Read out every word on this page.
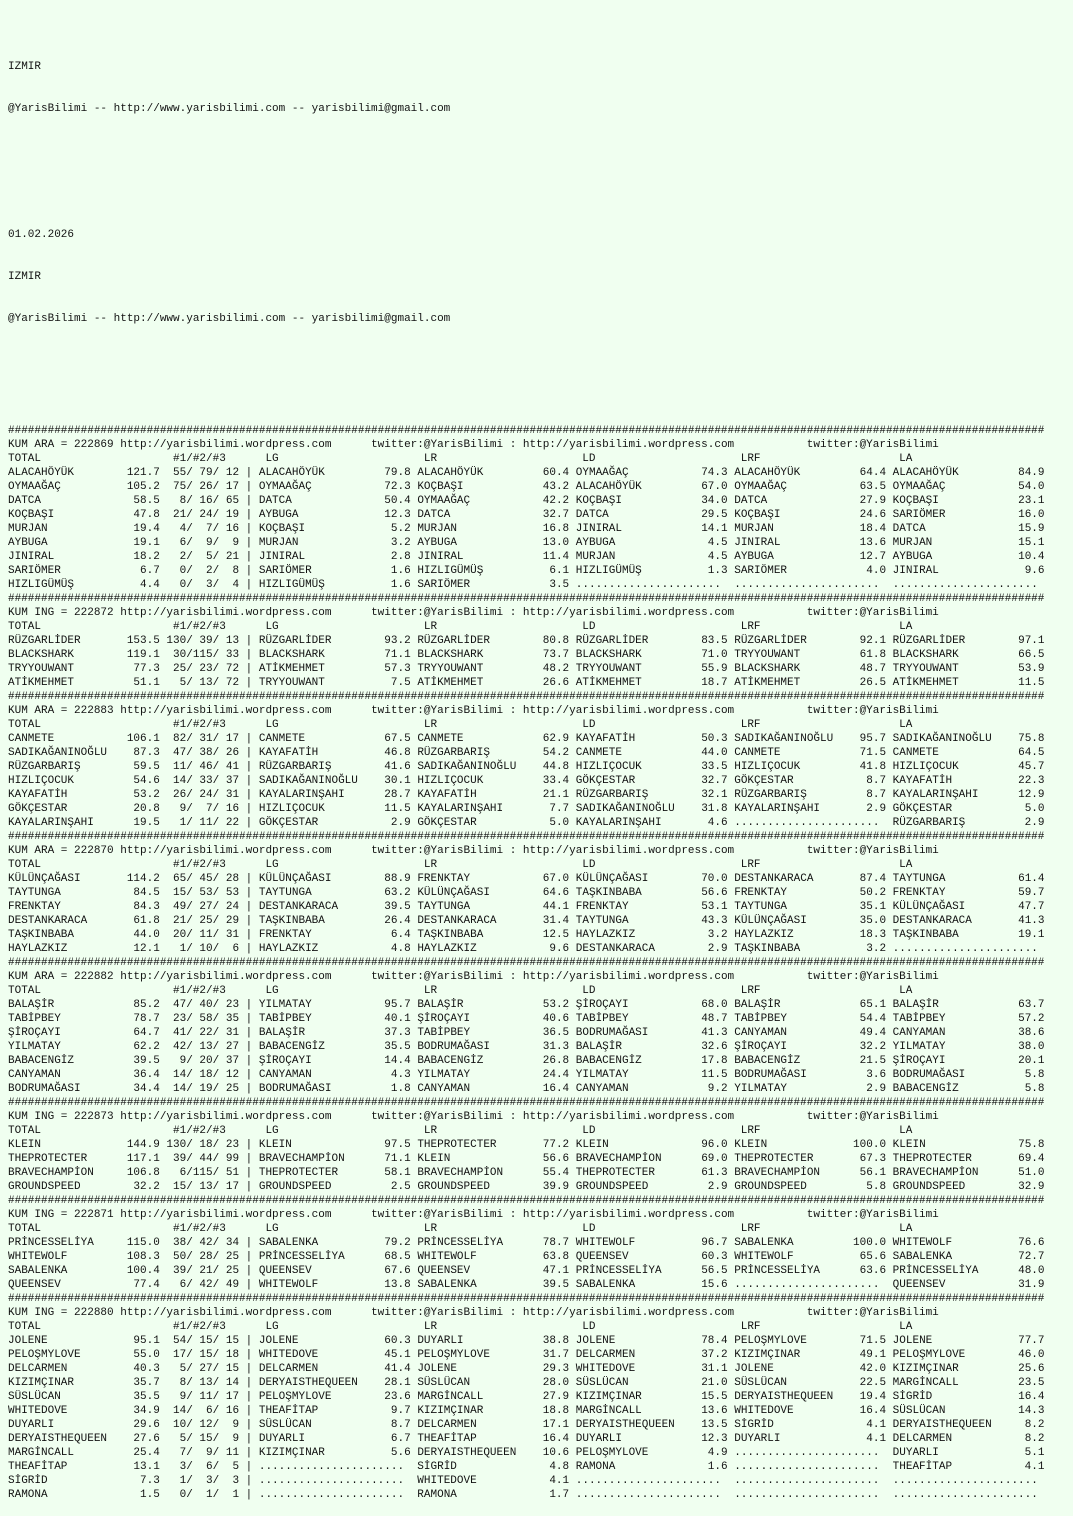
IZMIR

@YarisBilimi -- http://www.yarisbilimi.com -- yarisbilimi@gmail.com

01.02.2026

IZMIR

@YarisBilimi -- http://www.yarisbilimi.com -- yarisbilimi@gmail.com

#############################################################################################################################################################
KUM ARA = 222869 http://yarisbilimi.wordpress.com      twitter:@YarisBilimi : http://yarisbilimi.wordpress.com           twitter:@YarisBilimi
TOTAL                    #1/#2/#3      LG                      LR                      LD                      LRF                     LA
ALACAHÖYÜK        121.7  55/ 79/ 12 | ALACAHÖYÜK         79.8 ALACAHÖYÜK         60.4 OYMAAĞAÇ           74.3 ALACAHÖYÜK         64.4 ALACAHÖYÜK         84.9
OYMAAĞAÇ          105.2  75/ 26/ 17 | OYMAAĞAÇ           72.3 KOÇBAŞI            43.2 ALACAHÖYÜK         67.0 OYMAAĞAÇ           63.5 OYMAAĞAÇ           54.0
DATCA              58.5   8/ 16/ 65 | DATCA              50.4 OYMAAĞAÇ           42.2 KOÇBAŞI            34.0 DATCA              27.9 KOÇBAŞI            23.1
KOÇBAŞI            47.8  21/ 24/ 19 | AYBUGA             12.3 DATCA              32.7 DATCA              29.5 KOÇBAŞI            24.6 SARIÖMER           16.0
MURJAN             19.4   4/  7/ 16 | KOÇBAŞI             5.2 MURJAN             16.8 JINIRAL            14.1 MURJAN             18.4 DATCA              15.9
AYBUGA             19.1   6/  9/  9 | MURJAN              3.2 AYBUGA             13.0 AYBUGA              4.5 JINIRAL            13.6 MURJAN             15.1
JINIRAL            18.2   2/  5/ 21 | JINIRAL             2.8 JINIRAL            11.4 MURJAN              4.5 AYBUGA             12.7 AYBUGA             10.4
SARIÖMER            6.7   0/  2/  8 | SARIÖMER            1.6 HIZLIGÜMÜŞ          6.1 HIZLIGÜMÜŞ          1.3 SARIÖMER            4.0 JINIRAL             9.6
HIZLIGÜMÜŞ          4.4   0/  3/  4 | HIZLIGÜMÜŞ          1.6 SARIÖMER            3.5 ......................  ......................  ......................
#############################################################################################################################################################
KUM ING = 222872 http://yarisbilimi.wordpress.com      twitter:@YarisBilimi : http://yarisbilimi.wordpress.com           twitter:@YarisBilimi
TOTAL                    #1/#2/#3      LG                      LR                      LD                      LRF                     LA
RÜZGARLİDER       153.5 130/ 39/ 13 | RÜZGARLİDER        93.2 RÜZGARLİDER        80.8 RÜZGARLİDER        83.5 RÜZGARLİDER        92.1 RÜZGARLİDER        97.1
BLACKSHARK        119.1  30/115/ 33 | BLACKSHARK         71.1 BLACKSHARK         73.7 BLACKSHARK         71.0 TRYYOUWANT         61.8 BLACKSHARK         66.5
TRYYOUWANT         77.3  25/ 23/ 72 | ATİKMEHMET         57.3 TRYYOUWANT         48.2 TRYYOUWANT         55.9 BLACKSHARK         48.7 TRYYOUWANT         53.9
ATİKMEHMET         51.1   5/ 13/ 72 | TRYYOUWANT          7.5 ATİKMEHMET         26.6 ATİKMEHMET         18.7 ATİKMEHMET         26.5 ATİKMEHMET         11.5
#############################################################################################################################################################
KUM ARA = 222883 http://yarisbilimi.wordpress.com      twitter:@YarisBilimi : http://yarisbilimi.wordpress.com           twitter:@YarisBilimi
TOTAL                    #1/#2/#3      LG                      LR                      LD                      LRF                     LA
CANMETE           106.1  82/ 31/ 17 | CANMETE            67.5 CANMETE            62.9 KAYAFATİH          50.3 SADIKAĞANINOĞLU    95.7 SADIKAĞANINOĞLU    75.8
SADIKAĞANINOĞLU    87.3  47/ 38/ 26 | KAYAFATİH          46.8 RÜZGARBARIŞ        54.2 CANMETE            44.0 CANMETE            71.5 CANMETE            64.5
RÜZGARBARIŞ        59.5  11/ 46/ 41 | RÜZGARBARIŞ        41.6 SADIKAĞANINOĞLU    44.8 HIZLIÇOCUK         33.5 HIZLIÇOCUK         41.8 HIZLIÇOCUK         45.7
HIZLIÇOCUK         54.6  14/ 33/ 37 | SADIKAĞANINOĞLU    30.1 HIZLIÇOCUK         33.4 GÖKÇESTAR          32.7 GÖKÇESTAR           8.7 KAYAFATİH          22.3
KAYAFATİH          53.2  26/ 24/ 31 | KAYALARINŞAHI      28.7 KAYAFATİH          21.1 RÜZGARBARIŞ        32.1 RÜZGARBARIŞ         8.7 KAYALARINŞAHI      12.9
GÖKÇESTAR          20.8   9/  7/ 16 | HIZLIÇOCUK         11.5 KAYALARINŞAHI       7.7 SADIKAĞANINOĞLU    31.8 KAYALARINŞAHI       2.9 GÖKÇESTAR           5.0
KAYALARINŞAHI      19.5   1/ 11/ 22 | GÖKÇESTAR           2.9 GÖKÇESTAR           5.0 KAYALARINŞAHI       4.6 ......................  RÜZGARBARIŞ         2.9
#############################################################################################################################################################
KUM ARA = 222870 http://yarisbilimi.wordpress.com      twitter:@YarisBilimi : http://yarisbilimi.wordpress.com           twitter:@YarisBilimi
TOTAL                    #1/#2/#3      LG                      LR                      LD                      LRF                     LA
KÜLÜNÇAĞASI       114.2  65/ 45/ 28 | KÜLÜNÇAĞASI        88.9 FRENKTAY           67.0 KÜLÜNÇAĞASI        70.0 DESTANKARACA       87.4 TAYTUNGA           61.4
TAYTUNGA           84.5  15/ 53/ 53 | TAYTUNGA           63.2 KÜLÜNÇAĞASI        64.6 TAŞKINBABA         56.6 FRENKTAY           50.2 FRENKTAY           59.7
FRENKTAY           84.3  49/ 27/ 24 | DESTANKARACA       39.5 TAYTUNGA           44.1 FRENKTAY           53.1 TAYTUNGA           35.1 KÜLÜNÇAĞASI        47.7
DESTANKARACA       61.8  21/ 25/ 29 | TAŞKINBABA         26.4 DESTANKARACA       31.4 TAYTUNGA           43.3 KÜLÜNÇAĞASI        35.0 DESTANKARACA       41.3
TAŞKINBABA         44.0  20/ 11/ 31 | FRENKTAY            6.4 TAŞKINBABA         12.5 HAYLAZKIZ           3.2 HAYLAZKIZ          18.3 TAŞKINBABA         19.1
HAYLAZKIZ          12.1   1/ 10/  6 | HAYLAZKIZ           4.8 HAYLAZKIZ           9.6 DESTANKARACA        2.9 TAŞKINBABA          3.2 ......................
#############################################################################################################################################################
KUM ARA = 222882 http://yarisbilimi.wordpress.com      twitter:@YarisBilimi : http://yarisbilimi.wordpress.com           twitter:@YarisBilimi
TOTAL                    #1/#2/#3      LG                      LR                      LD                      LRF                     LA
BALAŞİR            85.2  47/ 40/ 23 | YILMATAY           95.7 BALAŞİR            53.2 ŞİROÇAYI           68.0 BALAŞİR            65.1 BALAŞİR            63.7
TABİPBEY           78.7  23/ 58/ 35 | TABİPBEY           40.1 ŞİROÇAYI           40.6 TABİPBEY           48.7 TABİPBEY           54.4 TABİPBEY           57.2
ŞİROÇAYI           64.7  41/ 22/ 31 | BALAŞİR            37.3 TABİPBEY           36.5 BODRUMAĞASI        41.3 CANYAMAN           49.4 CANYAMAN           38.6
YILMATAY           62.2  42/ 13/ 27 | BABACENGİZ         35.5 BODRUMAĞASI        31.3 BALAŞİR            32.6 ŞİROÇAYI           32.2 YILMATAY           38.0
BABACENGİZ         39.5   9/ 20/ 37 | ŞİROÇAYI           14.4 BABACENGİZ         26.8 BABACENGİZ         17.8 BABACENGİZ         21.5 ŞİROÇAYI           20.1
CANYAMAN           36.4  14/ 18/ 12 | CANYAMAN            4.3 YILMATAY           24.4 YILMATAY           11.5 BODRUMAĞASI         3.6 BODRUMAĞASI         5.8
BODRUMAĞASI        34.4  14/ 19/ 25 | BODRUMAĞASI         1.8 CANYAMAN           16.4 CANYAMAN            9.2 YILMATAY            2.9 BABACENGİZ          5.8
#############################################################################################################################################################
KUM ING = 222873 http://yarisbilimi.wordpress.com      twitter:@YarisBilimi : http://yarisbilimi.wordpress.com           twitter:@YarisBilimi
TOTAL                    #1/#2/#3      LG                      LR                      LD                      LRF                     LA
KLEIN             144.9 130/ 18/ 23 | KLEIN              97.5 THEPROTECTER       77.2 KLEIN              96.0 KLEIN             100.0 KLEIN              75.8
THEPROTECTER      117.1  39/ 44/ 99 | BRAVECHAMPİON      71.1 KLEIN              56.6 BRAVECHAMPİON      69.0 THEPROTECTER       67.3 THEPROTECTER       69.4
BRAVECHAMPİON     106.8   6/115/ 51 | THEPROTECTER       58.1 BRAVECHAMPİON      55.4 THEPROTECTER       61.3 BRAVECHAMPİON      56.1 BRAVECHAMPİON      51.0
GROUNDSPEED        32.2  15/ 13/ 17 | GROUNDSPEED         2.5 GROUNDSPEED        39.9 GROUNDSPEED         2.9 GROUNDSPEED         5.8 GROUNDSPEED        32.9
#############################################################################################################################################################
KUM ING = 222871 http://yarisbilimi.wordpress.com      twitter:@YarisBilimi : http://yarisbilimi.wordpress.com           twitter:@YarisBilimi
TOTAL                    #1/#2/#3      LG                      LR                      LD                      LRF                     LA
PRİNCESSELİYA     115.0  38/ 42/ 34 | SABALENKA          79.2 PRİNCESSELİYA      78.7 WHITEWOLF          96.7 SABALENKA         100.0 WHITEWOLF          76.6
WHITEWOLF         108.3  50/ 28/ 25 | PRİNCESSELİYA      68.5 WHITEWOLF          63.8 QUEENSEV           60.3 WHITEWOLF          65.6 SABALENKA          72.7
SABALENKA         100.4  39/ 21/ 25 | QUEENSEV           67.6 QUEENSEV           47.1 PRİNCESSELİYA      56.5 PRİNCESSELİYA      63.6 PRİNCESSELİYA      48.0
QUEENSEV           77.4   6/ 42/ 49 | WHITEWOLF          13.8 SABALENKA          39.5 SABALENKA          15.6 ......................  QUEENSEV           31.9
#############################################################################################################################################################
KUM ING = 222880 http://yarisbilimi.wordpress.com      twitter:@YarisBilimi : http://yarisbilimi.wordpress.com           twitter:@YarisBilimi
TOTAL                    #1/#2/#3      LG                      LR                      LD                      LRF                     LA
JOLENE             95.1  54/ 15/ 15 | JOLENE             60.3 DUYARLI            38.8 JOLENE             78.4 PELOŞMYLOVE        71.5 JOLENE             77.7
PELOŞMYLOVE        55.0  17/ 15/ 18 | WHITEDOVE          45.1 PELOŞMYLOVE        31.7 DELCARMEN          37.2 KIZIMÇINAR         49.1 PELOŞMYLOVE        46.0
DELCARMEN          40.3   5/ 27/ 15 | DELCARMEN          41.4 JOLENE             29.3 WHITEDOVE          31.1 JOLENE             42.0 KIZIMÇINAR         25.6
KIZIMÇINAR         35.7   8/ 13/ 14 | DERYAISTHEQUEEN    28.1 SÜSLÜCAN           28.0 SÜSLÜCAN           21.0 SÜSLÜCAN           22.5 MARGİNCALL         23.5
SÜSLÜCAN           35.5   9/ 11/ 17 | PELOŞMYLOVE        23.6 MARGİNCALL         27.9 KIZIMÇINAR         15.5 DERYAISTHEQUEEN    19.4 SİGRİD             16.4
WHITEDOVE          34.9  14/  6/ 16 | THEAFİTAP           9.7 KIZIMÇINAR         18.8 MARGİNCALL         13.6 WHITEDOVE          16.4 SÜSLÜCAN           14.3
DUYARLI            29.6  10/ 12/  9 | SÜSLÜCAN            8.7 DELCARMEN          17.1 DERYAISTHEQUEEN    13.5 SİGRİD              4.1 DERYAISTHEQUEEN     8.2
DERYAISTHEQUEEN    27.6   5/ 15/  9 | DUYARLI             6.7 THEAFİTAP          16.4 DUYARLI            12.3 DUYARLI             4.1 DELCARMEN           8.2
MARGİNCALL         25.4   7/  9/ 11 | KIZIMÇINAR          5.6 DERYAISTHEQUEEN    10.6 PELOŞMYLOVE         4.9 ......................  DUYARLI             5.1
THEAFİTAP          13.1   3/  6/  5 | ......................  SİGRİD              4.8 RAMONA              1.6 ......................  THEAFİTAP           4.1
SİGRİD              7.3   1/  3/  3 | ......................  WHITEDOVE           4.1 ......................  ......................  ......................
RAMONA              1.5   0/  1/  1 | ......................  RAMONA              1.7 ......................  ......................  ......................
